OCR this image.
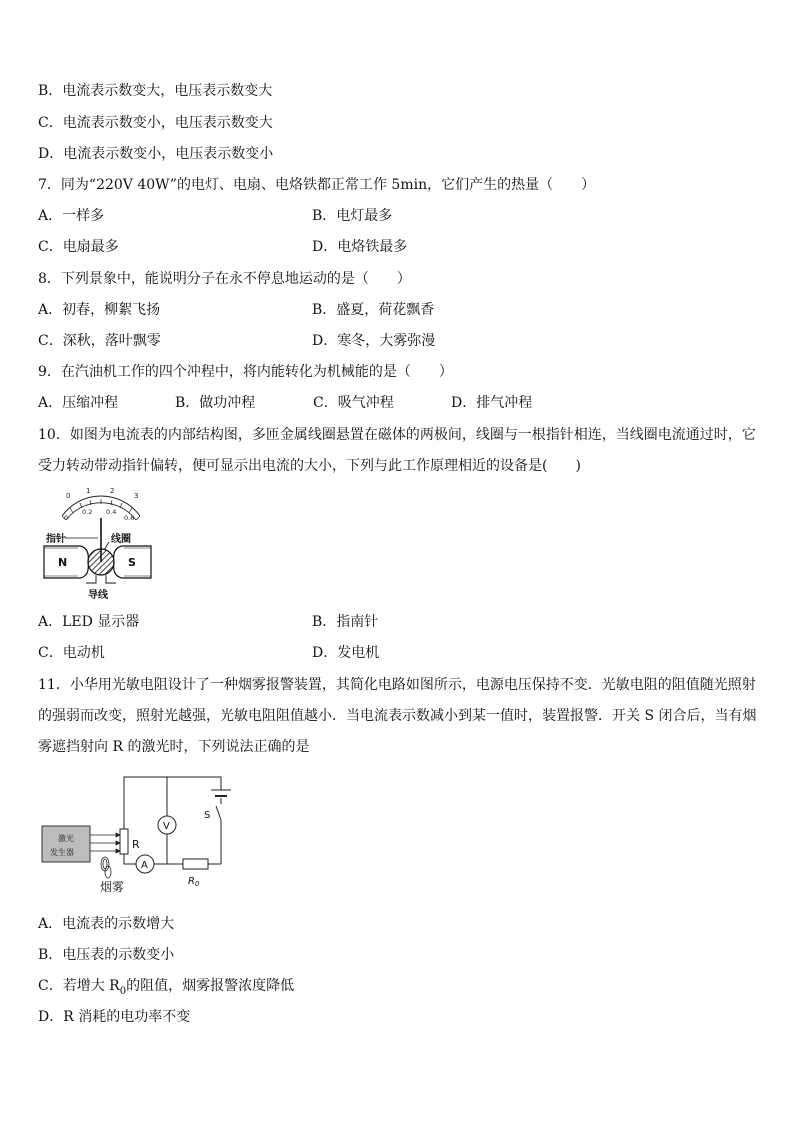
B．电流表示数变大，电压表示数变大
C．电流表示数变小，电压表示数变大
D．电流表示数变小，电压表示数变小
7．同为“220V 40W”的电灯、电扇、电烙铁都正常工作 5min，它们产生的热量（　　）
A．一样多	B．电灯最多
C．电扇最多	D．电烙铁最多
8．下列景象中，能说明分子在永不停息地运动的是（　　）
A．初春，柳絮飞扬	B．盛夏，荷花飘香
C．深秋，落叶飘零	D．寒冬，大雾弥漫
9．在汽油机工作的四个冲程中，将内能转化为机械能的是（　　）
A．压缩冲程	B．做功冲程	C．吸气冲程	D．排气冲程
10．如图为电流表的内部结构图，多匝金属线圈悬置在磁体的两极间，线圈与一根指针相连，当线圈电流通过时，它受力转动带动指针偏转，便可显示出电流的大小，下列与此工作原理相近的设备是(　　)
0
1	2
3
0
0.2 0.4
0.6
指针	线圈
N	S
导线
A．LED 显示器	B．指南针
C．电动机	D．发电机
11．小华用光敏电阻设计了一种烟雾报警装置，其简化电路如图所示，电源电压保持不变．光敏电阻的阻值随光照射的强弱而改变，照射光越强，光敏电阻阻值越小．当电流表示数减小到某一值时，装置报警．开关 S 闭合后，当有烟雾遮挡射向 R 的激光时，下列说法正确的是
激光
发生器
R
V
A
$R_0$
S
烟雾
A．电流表的示数增大
B．电压表的示数变小
C．若增大 $R_0$的阻值，烟雾报警浓度降低
D．R 消耗的电功率不变
